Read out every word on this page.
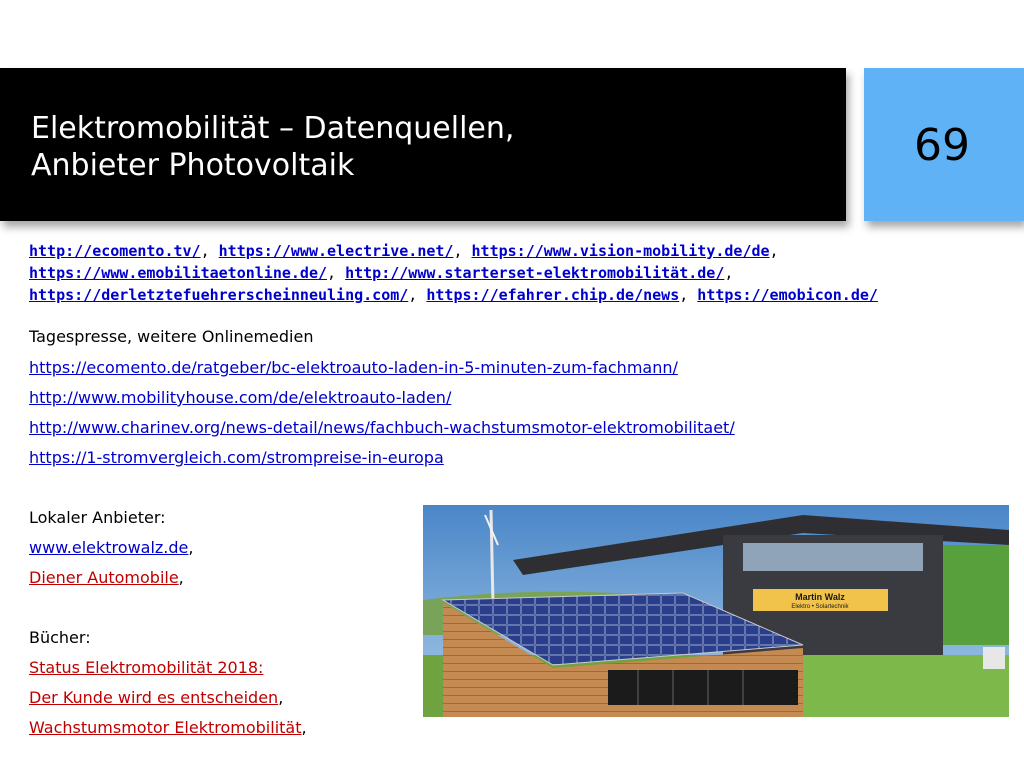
Elektromobilität – Datenquellen,
Anbieter Photovoltaik	69
http://ecomento.tv/, https://www.electrive.net/, https://www.vision-mobility.de/de,
https://www.emobilitaetonline.de/, http://www.starterset-elektromobilität.de/,
https://derletztefuehrerscheinneuling.com/, https://efahrer.chip.de/news, https://emobicon.de/
Tagespresse, weitere Onlinemedien
https://ecomento.de/ratgeber/bc-elektroauto-laden-in-5-minuten-zum-fachmann/
http://www.mobilityhouse.com/de/elektroauto-laden/
http://www.charinev.org/news-detail/news/fachbuch-wachstumsmotor-elektromobilitaet/
https://1-stromvergleich.com/strompreise-in-europa
Lokaler Anbieter:
www.elektrowalz.de,
Diener Automobile,
Bücher:
Status Elektromobilität 2018:
Der Kunde wird es entscheiden,
Wachstumsmotor Elektromobilität,
Martin Walz
Elektro • Solartechnik
